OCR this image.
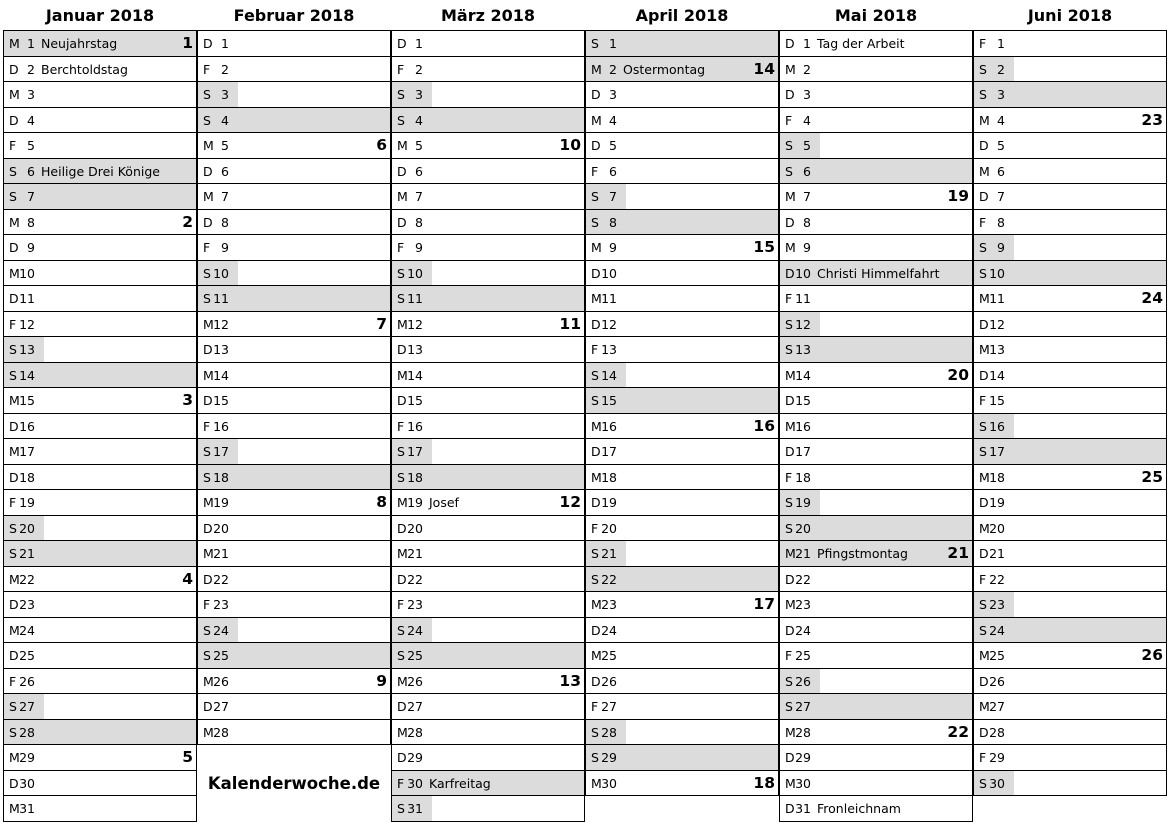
Januar 2018
M 1 Neujahrstag	1
D 2 Berchtoldstag
M 3
D 4
F 5
S 6 Heilige Drei Könige
S 7
M 8	2
D 9
M 10
D 11
F 12
S 13
S 14
M 15	3
D 16
M 17
D 18
F 19
S 20
S 21
M 22	4
D 23
M 24
D 25
F 26
S 27
S 28
M 29	5
D 30
M 31
Februar 2018
D 1
F 2
S 3
S 4
M 5	6
D 6
M 7
D 8
F 9
S 10
S 11
M 12	7
D 13
M 14
D 15
F 16
S 17
S 18
M 19	8
D 20
M 21
D 22
F 23
S 24
S 25
M 26	9
D 27
M 28
Kalenderwoche.de
März 2018
D 1
F 2
S 3
S 4
M 5	10
D 6
M 7
D 8
F 9
S 10
S 11
M 12	11
D 13
M 14
D 15
F 16
S 17
S 18
M 19 Josef	12
D 20
M 21
D 22
F 23
S 24
S 25
M 26	13
D 27
M 28
D 29
F 30 Karfreitag
S 31
April 2018
S 1
M 2 Ostermontag	14
D 3
M 4
D 5
F 6
S 7
S 8
M 9	15
D 10
M 11
D 12
F 13
S 14
S 15
M 16	16
D 17
M 18
D 19
F 20
S 21
S 22
M 23	17
D 24
M 25
D 26
F 27
S 28
S 29
M 30	18
Mai 2018
D 1 Tag der Arbeit
M 2
D 3
F 4
S 5
S 6
M 7	19
D 8
M 9
D 10 Christi Himmelfahrt
F 11
S 12
S 13
M 14	20
D 15
M 16
D 17
F 18
S 19
S 20
M 21 Pfingstmontag	21
D 22
M 23
D 24
F 25
S 26
S 27
M 28	22
D 29
M 30
D 31 Fronleichnam
Juni 2018
F 1
S 2
S 3
M 4	23
D 5
M 6
D 7
F 8
S 9
S 10
M 11	24
D 12
M 13
D 14
F 15
S 16
S 17
M 18	25
D 19
M 20
D 21
F 22
S 23
S 24
M 25	26
D 26
M 27
D 28
F 29
S 30
